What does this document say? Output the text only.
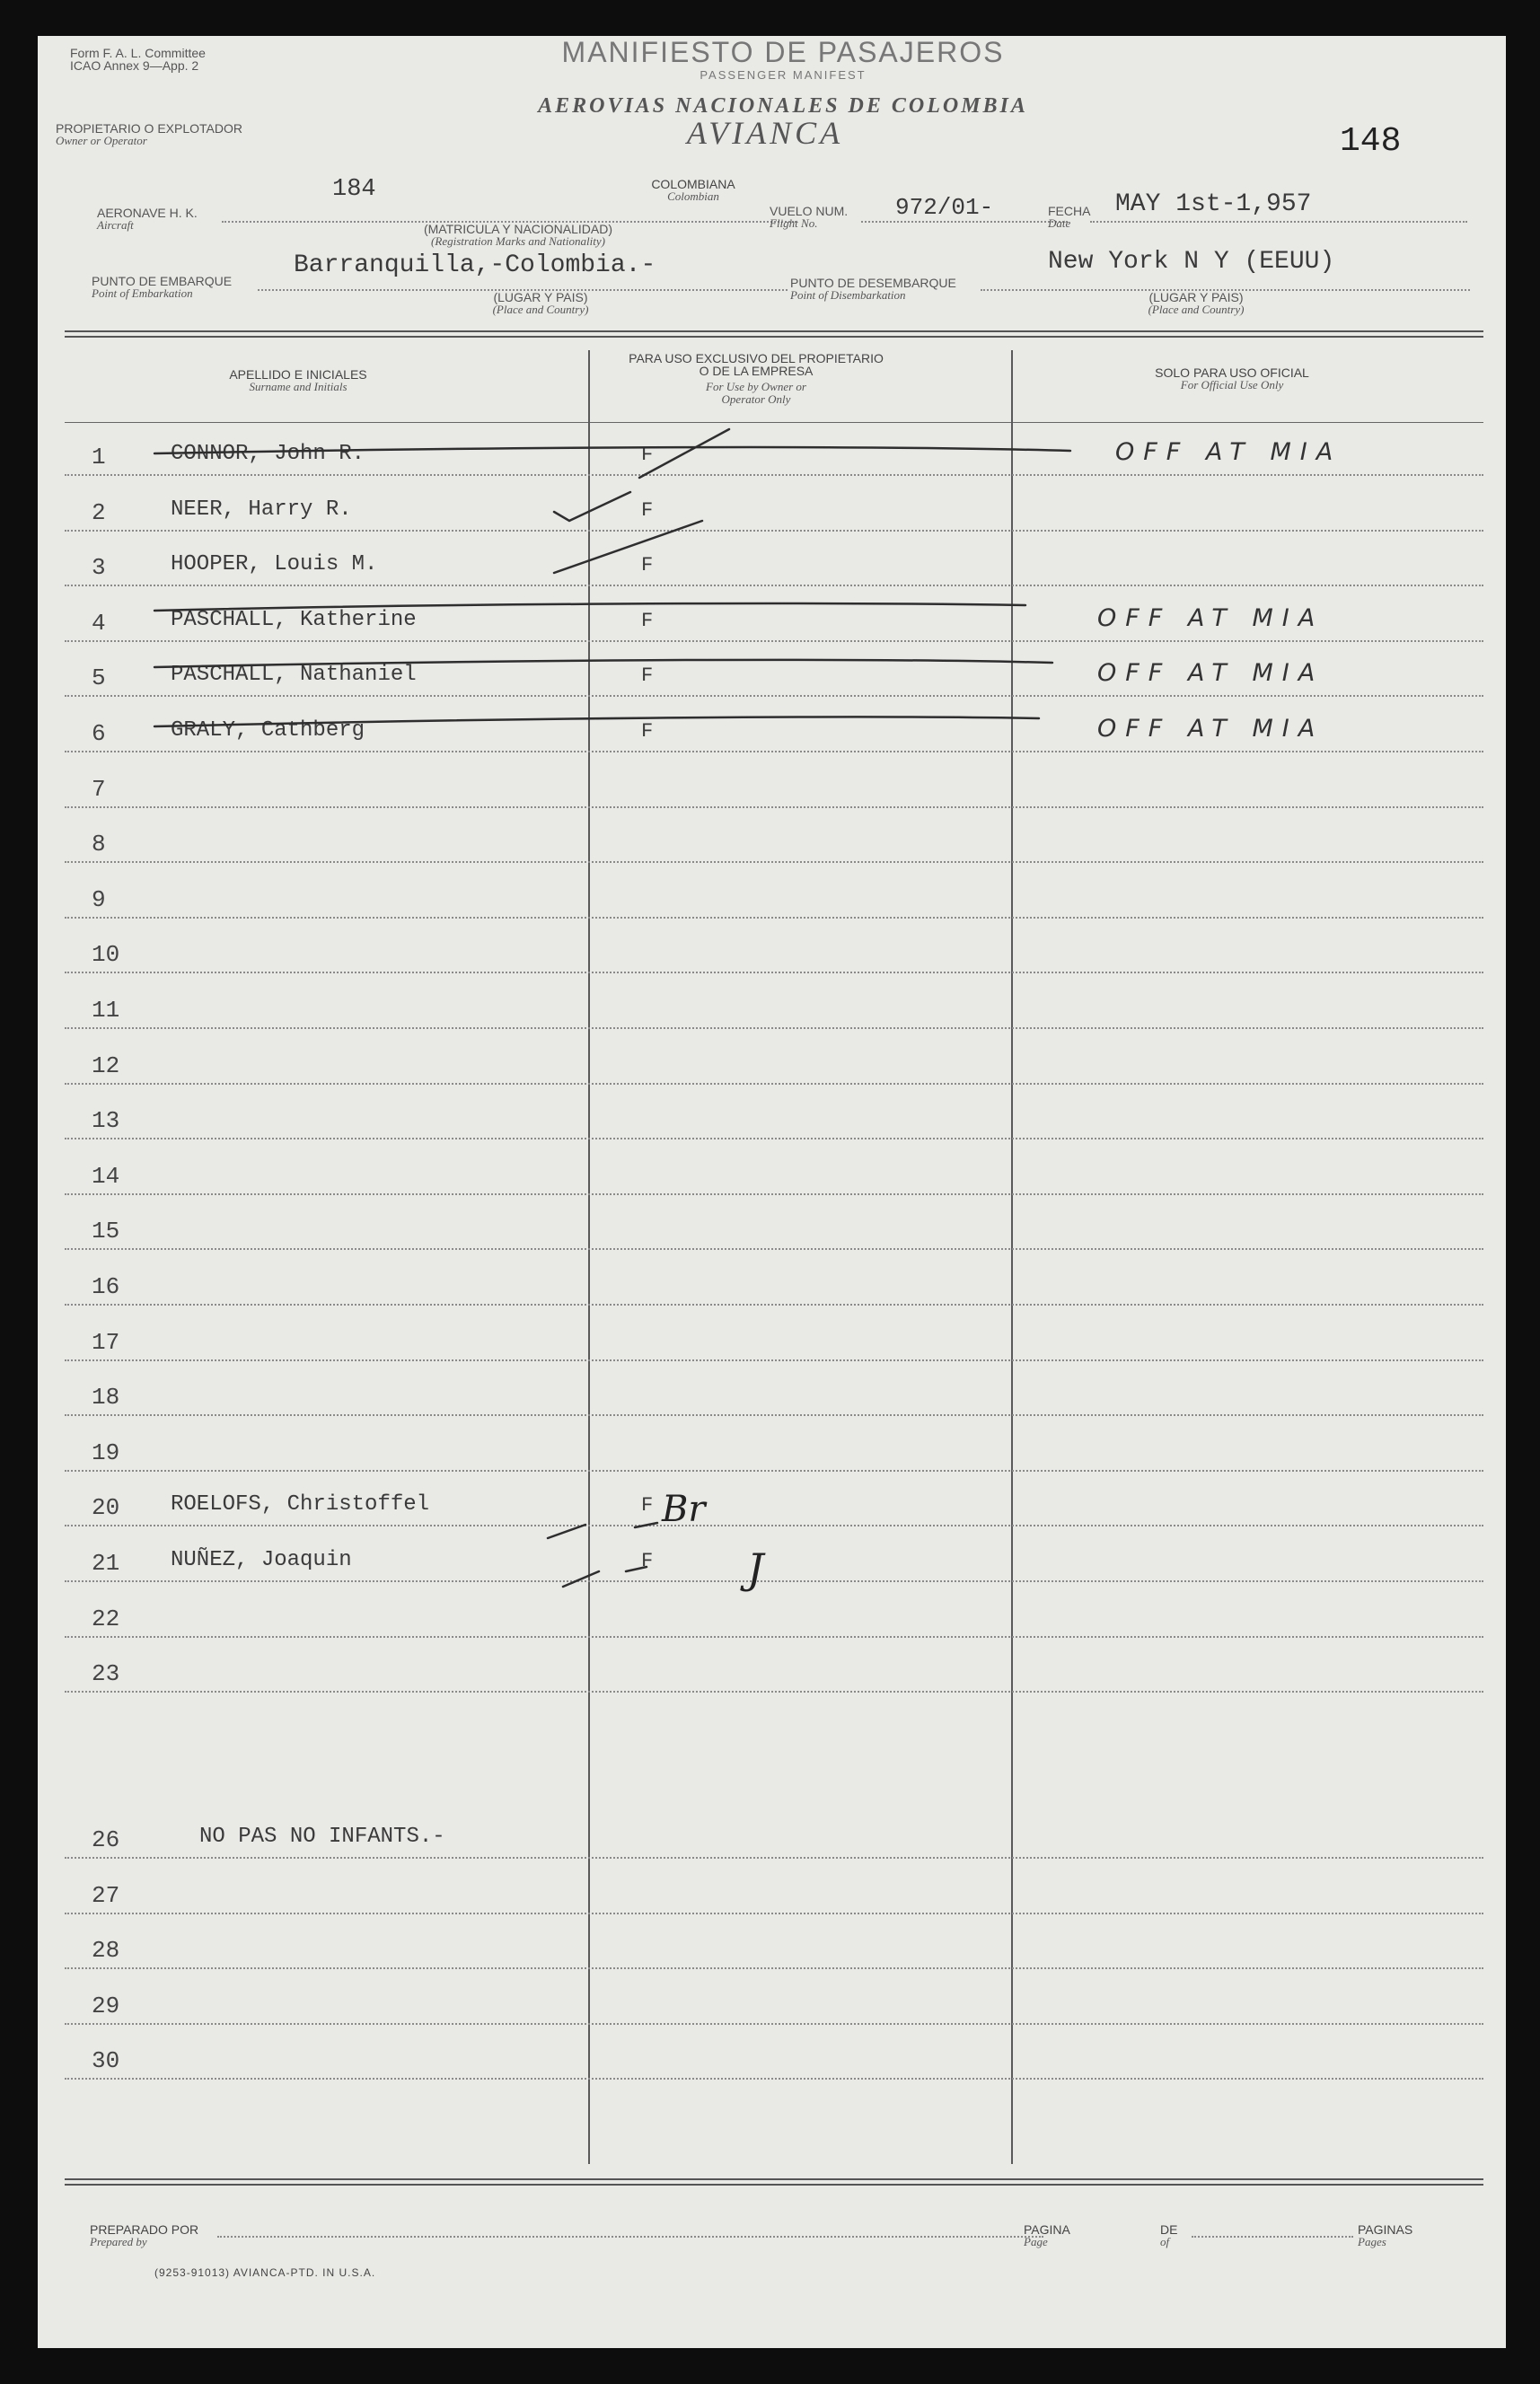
Form F. A. L. Committee
ICAO Annex 9—App. 2	MANIFIESTO DE PASAJEROS
PASSENGER MANIFEST
AEROVIAS NACIONALES DE COLOMBIA
AVIANCA
PROPIETARIO O EXPLOTADOR
Owner or Operator	148
AERONAVE H. K.
Aircraft
184	COLOMBIANA
Colombian
(MATRICULA Y NACIONALIDAD)
(Registration Marks and Nationality)
VUELO NUM.
Flight No.
972/01-	FECHA
Date
MAY 1st-1,957
PUNTO DE EMBARQUE
Point of Embarkation
Barranquilla,-Colombia.-
(LUGAR Y PAIS)
(Place and Country)
PUNTO DE DESEMBARQUE
Point of Disembarkation
New York N Y (EEUU)
(LUGAR Y PAIS)
(Place and Country)
APELLIDO E INICIALES
Surname and Initials
PARA USO EXCLUSIVO DEL PROPIETARIO
O DE LA EMPRESA
For Use by Owner or
Operator Only
SOLO PARA USO OFICIAL
For Official Use Only
1	CONNOR, John R.	F	OFF AT MIA
2	NEER, Harry R.	F
3	HOOPER, Louis M.	F
4	PASCHALL, Katherine	F	OFF AT MIA
5	PASCHALL, Nathaniel	F	OFF AT MIA
6	GRALY, Cathberg	F	OFF AT MIA
7
8
9
10
11
12
13
14
15
16
17
18
19
20	ROELOFS, Christoffel	F
21	NUÑEZ, Joaquin	F
22
23
26	NO PAS NO INFANTS.-
27
28
29
30
Br
J
PREPARADO POR
Prepared by
PAGINA
Page
DE
of
PAGINAS
Pages
(9253-91013) AVIANCA-PTD. IN U.S.A.
